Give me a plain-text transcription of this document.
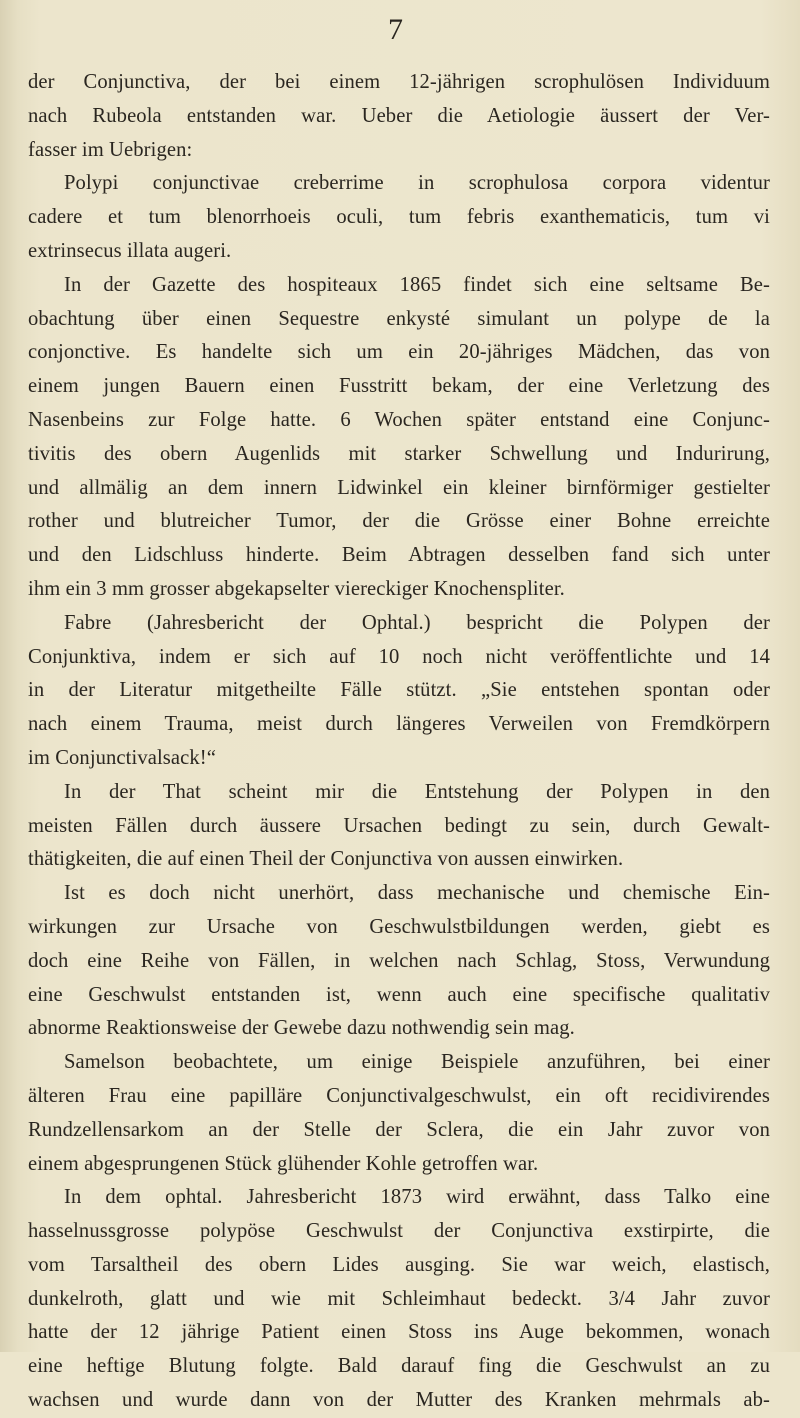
7
der Conjunctiva, der bei einem 12-jährigen scrophulösen Individuum
nach Rubeola entstanden war. Ueber die Aetiologie äussert der Ver-
fasser im Uebrigen:
Polypi conjunctivae creberrime in scrophulosa corpora videntur
cadere et tum blenorrhoeis oculi, tum febris exanthematicis, tum vi
extrinsecus illata augeri.
In der Gazette des hospiteaux 1865 findet sich eine seltsame Be-
obachtung über einen Sequestre enkysté simulant un polype de la
conjonctive. Es handelte sich um ein 20-jähriges Mädchen, das von
einem jungen Bauern einen Fusstritt bekam, der eine Verletzung des
Nasenbeins zur Folge hatte. 6 Wochen später entstand eine Conjunc-
tivitis des obern Augenlids mit starker Schwellung und Indurirung,
und allmälig an dem innern Lidwinkel ein kleiner birnförmiger gestielter
rother und blutreicher Tumor, der die Grösse einer Bohne erreichte
und den Lidschluss hinderte. Beim Abtragen desselben fand sich unter
ihm ein 3 mm grosser abgekapselter viereckiger Knochenspliter.
Fabre (Jahresbericht der Ophtal.) bespricht die Polypen der
Conjunktiva, indem er sich auf 10 noch nicht veröffentlichte und 14
in der Literatur mitgetheilte Fälle stützt. „Sie entstehen spontan oder
nach einem Trauma, meist durch längeres Verweilen von Fremdkörpern
im Conjunctivalsack!“
In der That scheint mir die Entstehung der Polypen in den
meisten Fällen durch äussere Ursachen bedingt zu sein, durch Gewalt-
thätigkeiten, die auf einen Theil der Conjunctiva von aussen einwirken.
Ist es doch nicht unerhört, dass mechanische und chemische Ein-
wirkungen zur Ursache von Geschwulstbildungen werden, giebt es
doch eine Reihe von Fällen, in welchen nach Schlag, Stoss, Verwundung
eine Geschwulst entstanden ist, wenn auch eine specifische qualitativ
abnorme Reaktionsweise der Gewebe dazu nothwendig sein mag.
Samelson beobachtete, um einige Beispiele anzuführen, bei einer
älteren Frau eine papilläre Conjunctivalgeschwulst, ein oft recidivirendes
Rundzellensarkom an der Stelle der Sclera, die ein Jahr zuvor von
einem abgesprungenen Stück glühender Kohle getroffen war.
In dem ophtal. Jahresbericht 1873 wird erwähnt, dass Talko eine
hasselnussgrosse polypöse Geschwulst der Conjunctiva exstirpirte, die
vom Tarsaltheil des obern Lides ausging. Sie war weich, elastisch,
dunkelroth, glatt und wie mit Schleimhaut bedeckt. 3/4 Jahr zuvor
hatte der 12 jährige Patient einen Stoss ins Auge bekommen, wonach
eine heftige Blutung folgte. Bald darauf fing die Geschwulst an zu
wachsen und wurde dann von der Mutter des Kranken mehrmals ab-
